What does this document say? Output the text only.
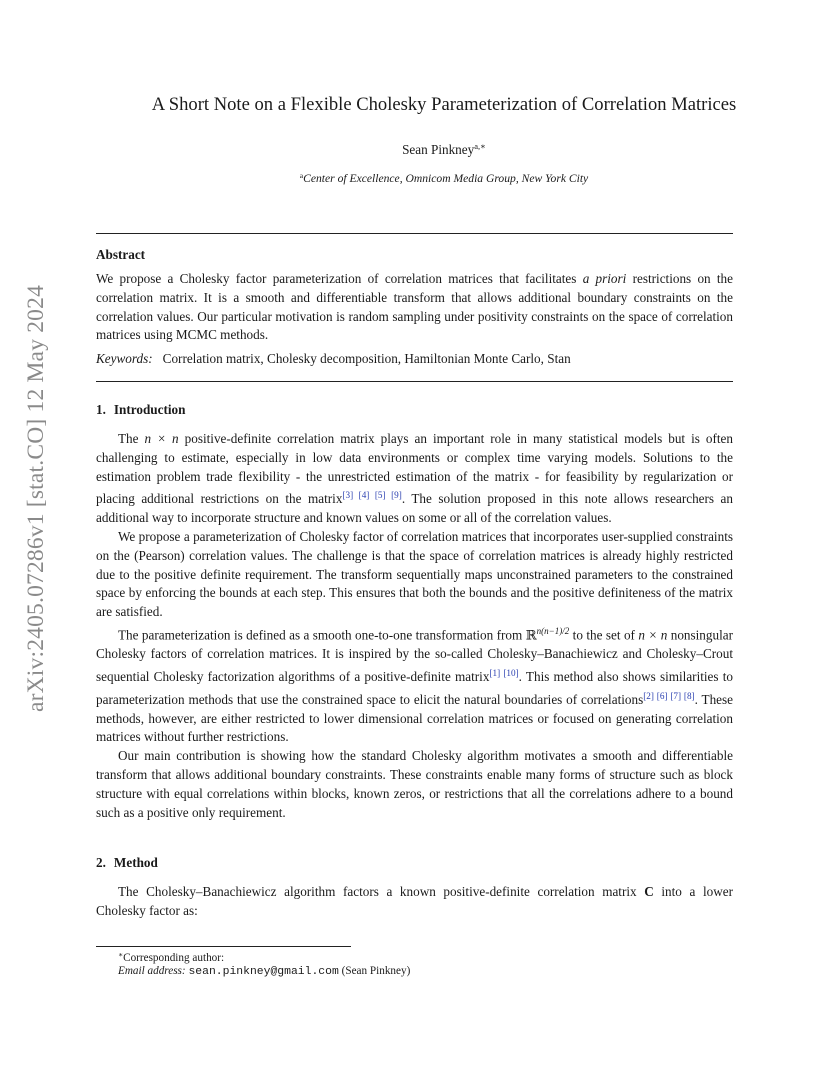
arXiv:2405.07286v1 [stat.CO] 12 May 2024
A Short Note on a Flexible Cholesky Parameterization of Correlation Matrices
Sean Pinkney$^{a,∗}$
$^a$Center of Excellence, Omnicom Media Group, New York City
Abstract
We propose a Cholesky factor parameterization of correlation matrices that facilitates a priori restrictions on the correlation matrix. It is a smooth and differentiable transform that allows additional boundary constraints on the correlation values. Our particular motivation is random sampling under positivity constraints on the space of correlation matrices using MCMC methods.
Keywords: Correlation matrix, Cholesky decomposition, Hamiltonian Monte Carlo, Stan
1. Introduction

The n × n positive-definite correlation matrix plays an important role in many statistical models but is often challenging to estimate, especially in low data environments or complex time varying models. Solutions to the estimation problem trade flexibility - the unrestricted estimation of the matrix - for feasibility by regularization or placing additional restrictions on the matrix[3] [4] [5] [9]. The solution proposed in this note allows researchers an additional way to incorporate structure and known values on some or all of the correlation values.

We propose a parameterization of Cholesky factor of correlation matrices that incorporates user-supplied constraints on the (Pearson) correlation values. The challenge is that the space of correlation matrices is already highly restricted due to the positive definite requirement. The transform sequentially maps unconstrained parameters to the constrained space by enforcing the bounds at each step. This ensures that both the bounds and the positive definiteness of the matrix are satisfied.

The parameterization is defined as a smooth one-to-one transformation from ℝ$^{n(n-1)/2}$ to the set of n × n nonsingular Cholesky factors of correlation matrices. It is inspired by the so-called Cholesky–Banachiewicz and Cholesky–Crout sequential Cholesky factorization algorithms of a positive-definite matrix[1] [10]. This method also shows similarities to parameterization methods that use the constrained space to elicit the natural boundaries of correlations[2] [6] [7] [8]. These methods, however, are either restricted to lower dimensional correlation matrices or focused on generating correlation matrices without further restrictions.

Our main contribution is showing how the standard Cholesky algorithm motivates a smooth and differentiable transform that allows additional boundary constraints. These constraints enable many forms of structure such as block structure with equal correlations within blocks, known zeros, or restrictions that all the correlations adhere to a bound such as a positive only requirement.

2. Method

The Cholesky–Banachiewicz algorithm factors a known positive-definite correlation matrix C into a lower Cholesky factor as:

∗Corresponding author:
Email address: sean.pinkney@gmail.com (Sean Pinkney)
